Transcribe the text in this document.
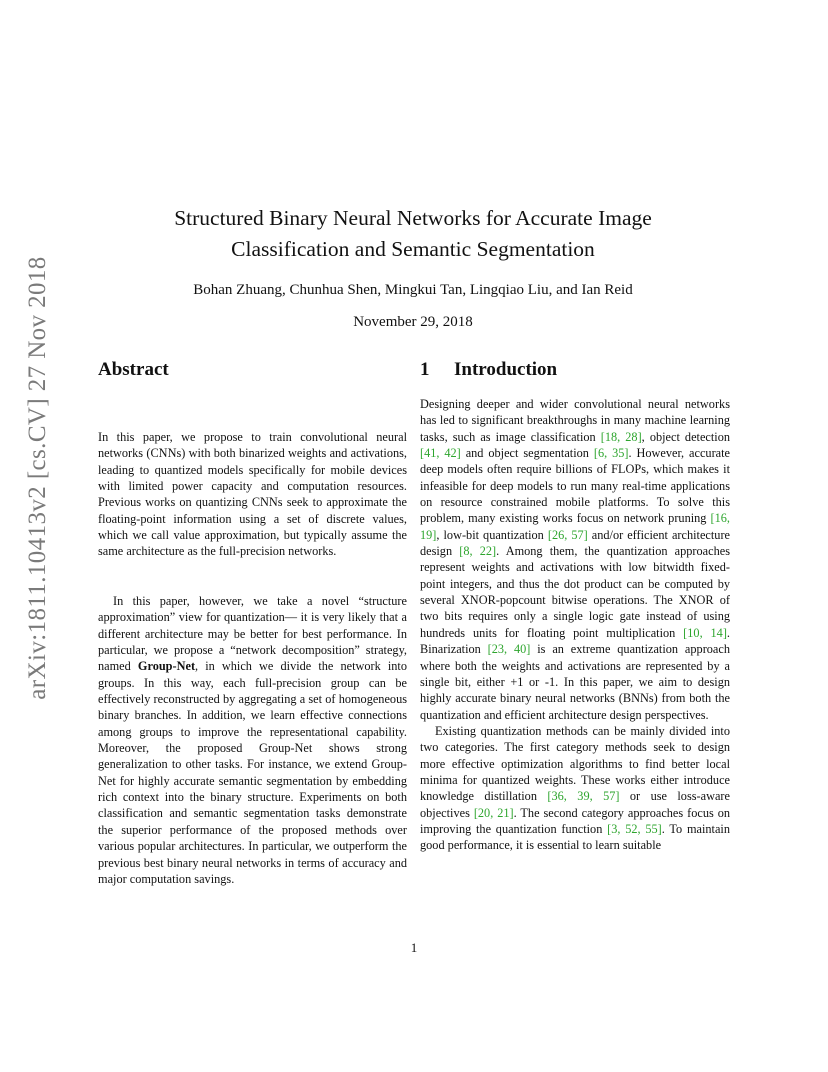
arXiv:1811.10413v2 [cs.CV] 27 Nov 2018
Structured Binary Neural Networks for Accurate Image
Classification and Semantic Segmentation
Bohan Zhuang, Chunhua Shen, Mingkui Tan, Lingqiao Liu, and Ian Reid
November 29, 2018
Abstract

In this paper, we propose to train convolutional neural networks (CNNs) with both binarized weights and activations, leading to quantized models specifically for mobile devices with limited power capacity and computation resources. Previous works on quantizing CNNs seek to approximate the floating-point information using a set of discrete values, which we call value approximation, but typically assume the same architecture as the full-precision networks.

In this paper, however, we take a novel “structure approximation” view for quantization— it is very likely that a different architecture may be better for best performance. In particular, we propose a “network decomposition” strategy, named Group-Net, in which we divide the network into groups. In this way, each full-precision group can be effectively reconstructed by aggregating a set of homogeneous binary branches. In addition, we learn effective connections among groups to improve the representational capability. Moreover, the proposed Group-Net shows strong generalization to other tasks. For instance, we extend Group-Net for highly accurate semantic segmentation by embedding rich context into the binary structure. Experiments on both classification and semantic segmentation tasks demonstrate the superior performance of the proposed methods over various popular architectures. In particular, we outperform the previous best binary neural networks in terms of accuracy and major computation savings.

1 Introduction

Designing deeper and wider convolutional neural networks has led to significant breakthroughs in many machine learning tasks, such as image classification [18, 28], object detection [41, 42] and object segmentation [6, 35]. However, accurate deep models often require billions of FLOPs, which makes it infeasible for deep models to run many real-time applications on resource constrained mobile platforms. To solve this problem, many existing works focus on network pruning [16, 19], low-bit quantization [26, 57] and/or efficient architecture design [8, 22]. Among them, the quantization approaches represent weights and activations with low bitwidth fixed-point integers, and thus the dot product can be computed by several XNOR-popcount bitwise operations. The XNOR of two bits requires only a single logic gate instead of using hundreds units for floating point multiplication [10, 14]. Binarization [23, 40] is an extreme quantization approach where both the weights and activations are represented by a single bit, either +1 or -1. In this paper, we aim to design highly accurate binary neural networks (BNNs) from both the quantization and efficient architecture design perspectives.

Existing quantization methods can be mainly divided into two categories. The first category methods seek to design more effective optimization algorithms to find better local minima for quantized weights. These works either introduce knowledge distillation [36, 39, 57] or use loss-aware objectives [20, 21]. The second category approaches focus on improving the quantization function [3, 52, 55]. To maintain good performance, it is essential to learn suitable

1
